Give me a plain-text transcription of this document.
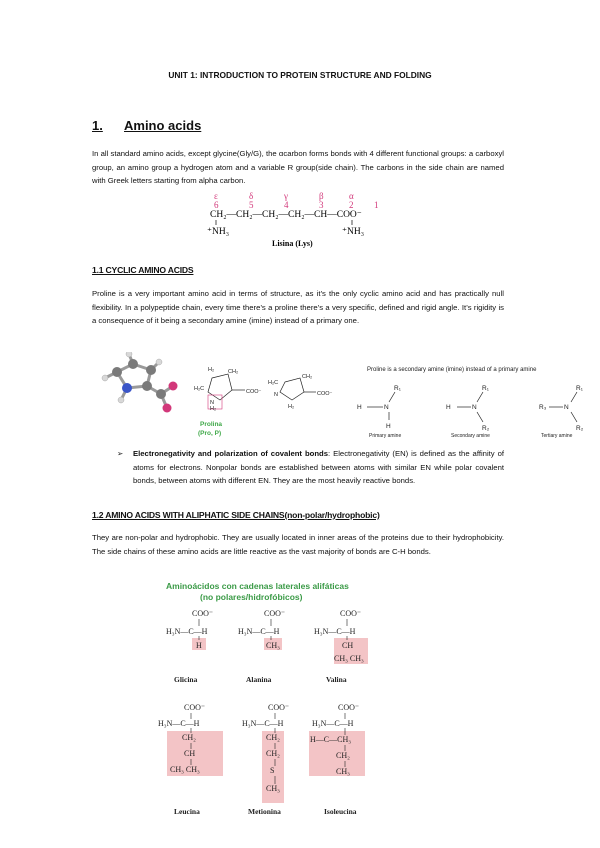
UNIT 1: INTRODUCTION TO PROTEIN STRUCTURE AND FOLDING
1. Amino acids
In all standard amino acids, except glycine(Gly/G), the αcarbon forms bonds with 4 different functional groups: a carboxyl group, an amino group a hydrogen atom and a variable R group(side chain). The carbons in the side chain are named with Greek letters starting from alpha carbon.
ε	δ	γ	β	α
6	5	4	3	2 1
CH₂—CH₂—CH₂—CH₂—CH—COO⁻
⁺NH₃	⁺NH₃
Lisina (Lys)
1.1 CYCLIC AMINO ACIDS
Proline is a very important amino acid in terms of structure, as it’s the only cyclic amino acid and has practically null flexibility. In a polypeptide chain, every time there’s a proline there’s a very specific, defined and rigid angle. It’s rigidity is a consequence of it being a secondary amine (imine) instead of a primary one.
H₂	CH₂
H₂C	COO⁻
N
H₂
H₂C
CH₂
N	COO⁻
H₂
Prolina
(Pro, P)
Proline is a secondary amine (imine) instead of a primary amine
H	N
R₁
H
H	N
R₁
R₂
R₃	N
R₁
R₂
Primary amine	Secondary amine	Tertiary amine
➢ Electronegativity and polarization of covalent bonds: Electronegativity (EN) is defined as the affinity of atoms for electrons. Nonpolar bonds are established between atoms with similar EN while polar covalent bonds, between atoms with different EN. They are the most heavily reactive bonds.
1.2 AMINO ACIDS WITH ALIPHATIC SIDE CHAINS(non-polar/hydrophobic)
They are non-polar and hydrophobic. They are usually located in inner areas of the proteins due to their hydrophobicity. The side chains of these amino acids are little reactive as the vast majority of bonds are C-H bonds.
Aminoácidos con cadenas laterales alifáticas
(no polares/hidrofóbicos)
COO⁻
H₃N—C—H
H
COO⁻
H₃N—C—H
CH₃
COO⁻
H₃N—C—H
CH
CH₃ CH₃
Glicina	Alanina	Valina
COO⁻
H₃N—C—H
CH₂
CH
CH₃ CH₃
COO⁻
H₃N—C—H
CH₂
CH₂
S
CH₃
COO⁻
H₃N—C—H
H—C—CH₃
CH₂
CH₃
Leucina	Metionina	Isoleucina
